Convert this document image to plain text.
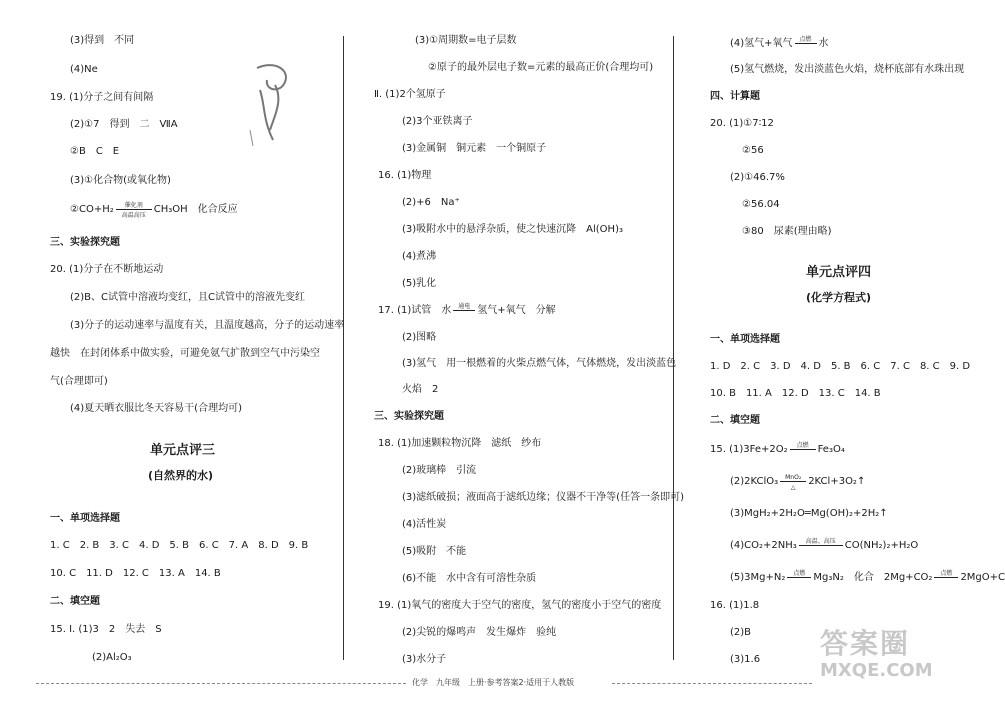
(3)得到　不同
(4)Ne
19. (1)分子之间有间隔
(2)①7　得到　二　ⅦA
②B　C　E
(3)①化合物(或氧化物)
②CO+H₂	催化剂
高温高压
CH₃OH　化合反应
三、实验探究题
20. (1)分子在不断地运动
(2)B、C试管中溶液均变红，且C试管中的溶液先变红
(3)分子的运动速率与温度有关，且温度越高，分子的运动速率
越快　在封闭体系中做实验，可避免氨气扩散到空气中污染空
气(合理即可)
(4)夏天晒衣服比冬天容易干(合理均可)
单元点评三
(自然界的水)
一、单项选择题
1. C　2. B　3. C　4. D　5. B　6. C　7. A　8. D　9. B
10. C　11. D　12. C　13. A　14. B
二、填空题
15. Ⅰ. (1)3　2　失去　S
(2)Al₂O₃
(3)①周期数=电子层数
②原子的最外层电子数=元素的最高正价(合理均可)
Ⅱ. (1)2个氢原子
(2)3个亚铁离子
(3)金属铜　铜元素　一个铜原子
16. (1)物理
(2)+6　Na⁺
(3)吸附水中的悬浮杂质，使之快速沉降　Al(OH)₃
(4)煮沸
(5)乳化
17. (1)试管　水	通电 氢气+氧气　分解
(2)图略
(3)氢气　用一根燃着的火柴点燃气体，气体燃烧，发出淡蓝色
火焰　2
三、实验探究题
18. (1)加速颗粒物沉降　滤纸　纱布
(2)玻璃棒　引流
(3)滤纸破损；液面高于滤纸边缘；仪器不干净等(任答一条即可)
(4)活性炭
(5)吸附　不能
(6)不能　水中含有可溶性杂质
19. (1)氧气的密度大于空气的密度，氢气的密度小于空气的密度
(2)尖锐的爆鸣声　发生爆炸　验纯
(3)水分子
(4)氢气+氧气	点燃 水
(5)氢气燃烧，发出淡蓝色火焰，烧杯底部有水珠出现
四、计算题
20. (1)①7∶12
②56
(2)①46.7%
②56.04
③80　尿素(理由略)
单元点评四
(化学方程式)
一、单项选择题
1. D　2. C　3. D　4. D　5. B　6. C　7. C　8. C　9. D
10. B　11. A　12. D　13. C　14. B
二、填空题
15. (1)3Fe+2O₂	点燃 Fe₃O₄
(2)2KClO₃	MnO₂
△
2KCl+3O₂↑
(3)MgH₂+2H₂O═Mg(OH)₂+2H₂↑
(4)CO₂+2NH₃	高温、高压 CO(NH₂)₂+H₂O
(5)3Mg+N₂	点燃 Mg₃N₂　化合　2Mg+CO₂	点燃 2MgO+C
16. (1)1.8
(2)B
(3)1.6
化学　九年级　上册·参考答案2·适用于人教版
答案圈
MXQE.COM
